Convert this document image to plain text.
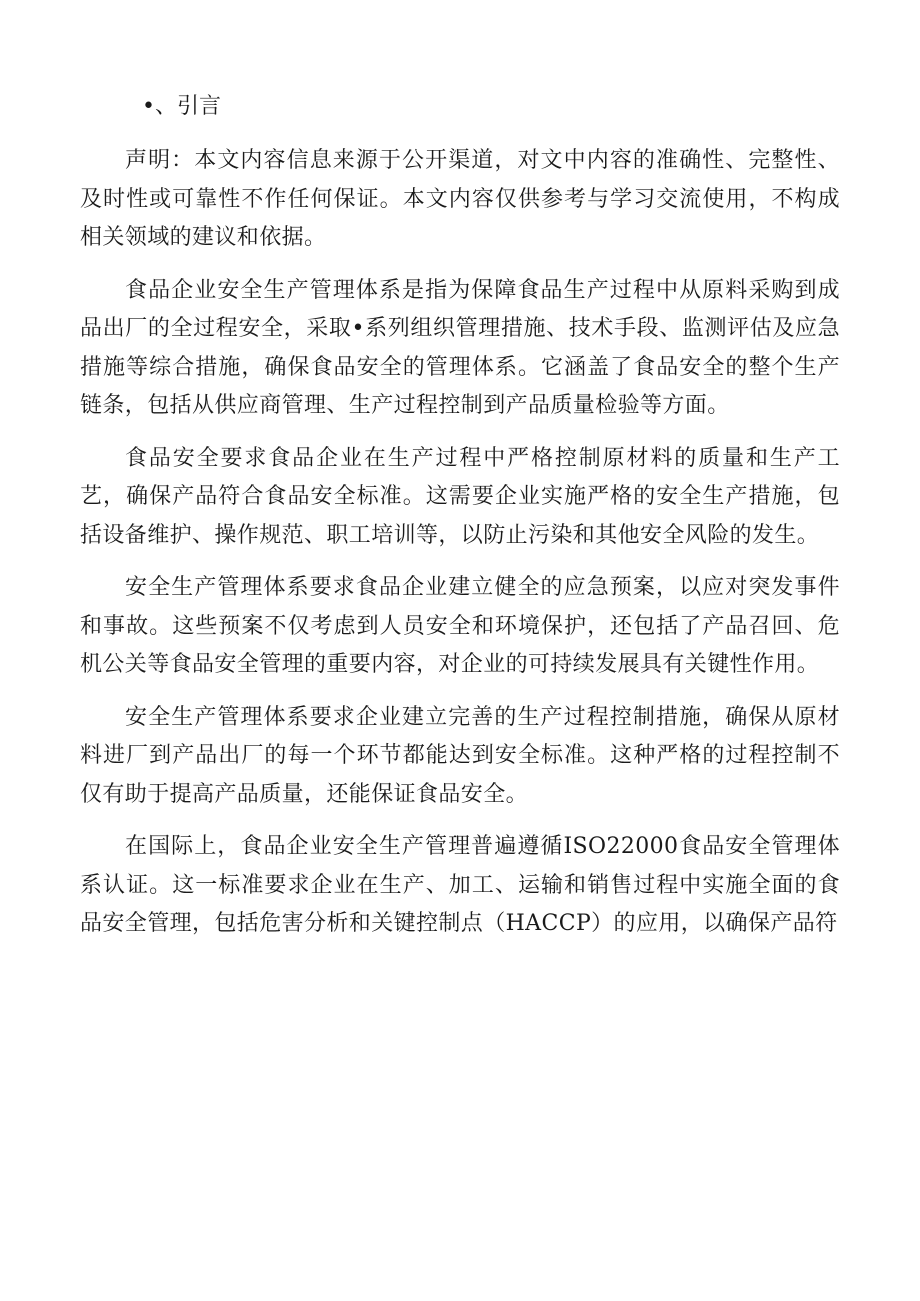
•、引言

声明：本文内容信息来源于公开渠道，对文中内容的准确性、完整性、及时性或可靠性不作任何保证。本文内容仅供参考与学习交流使用，不构成相关领域的建议和依据。

食品企业安全生产管理体系是指为保障食品生产过程中从原料采购到成品出厂的全过程安全，采取•系列组织管理措施、技术手段、监测评估及应急措施等综合措施，确保食品安全的管理体系。它涵盖了食品安全的整个生产链条，包括从供应商管理、生产过程控制到产品质量检验等方面。

食品安全要求食品企业在生产过程中严格控制原材料的质量和生产工艺，确保产品符合食品安全标准。这需要企业实施严格的安全生产措施，包括设备维护、操作规范、职工培训等，以防止污染和其他安全风险的发生。

安全生产管理体系要求食品企业建立健全的应急预案，以应对突发事件和事故。这些预案不仅考虑到人员安全和环境保护，还包括了产品召回、危机公关等食品安全管理的重要内容，对企业的可持续发展具有关键性作用。

安全生产管理体系要求企业建立完善的生产过程控制措施，确保从原材料进厂到产品出厂的每一个环节都能达到安全标准。这种严格的过程控制不仅有助于提高产品质量，还能保证食品安全。

在国际上，食品企业安全生产管理普遍遵循ISO22000食品安全管理体系认证。这一标准要求企业在生产、加工、运输和销售过程中实施全面的食品安全管理，包括危害分析和关键控制点（HACCP）的应用，以确保产品符
